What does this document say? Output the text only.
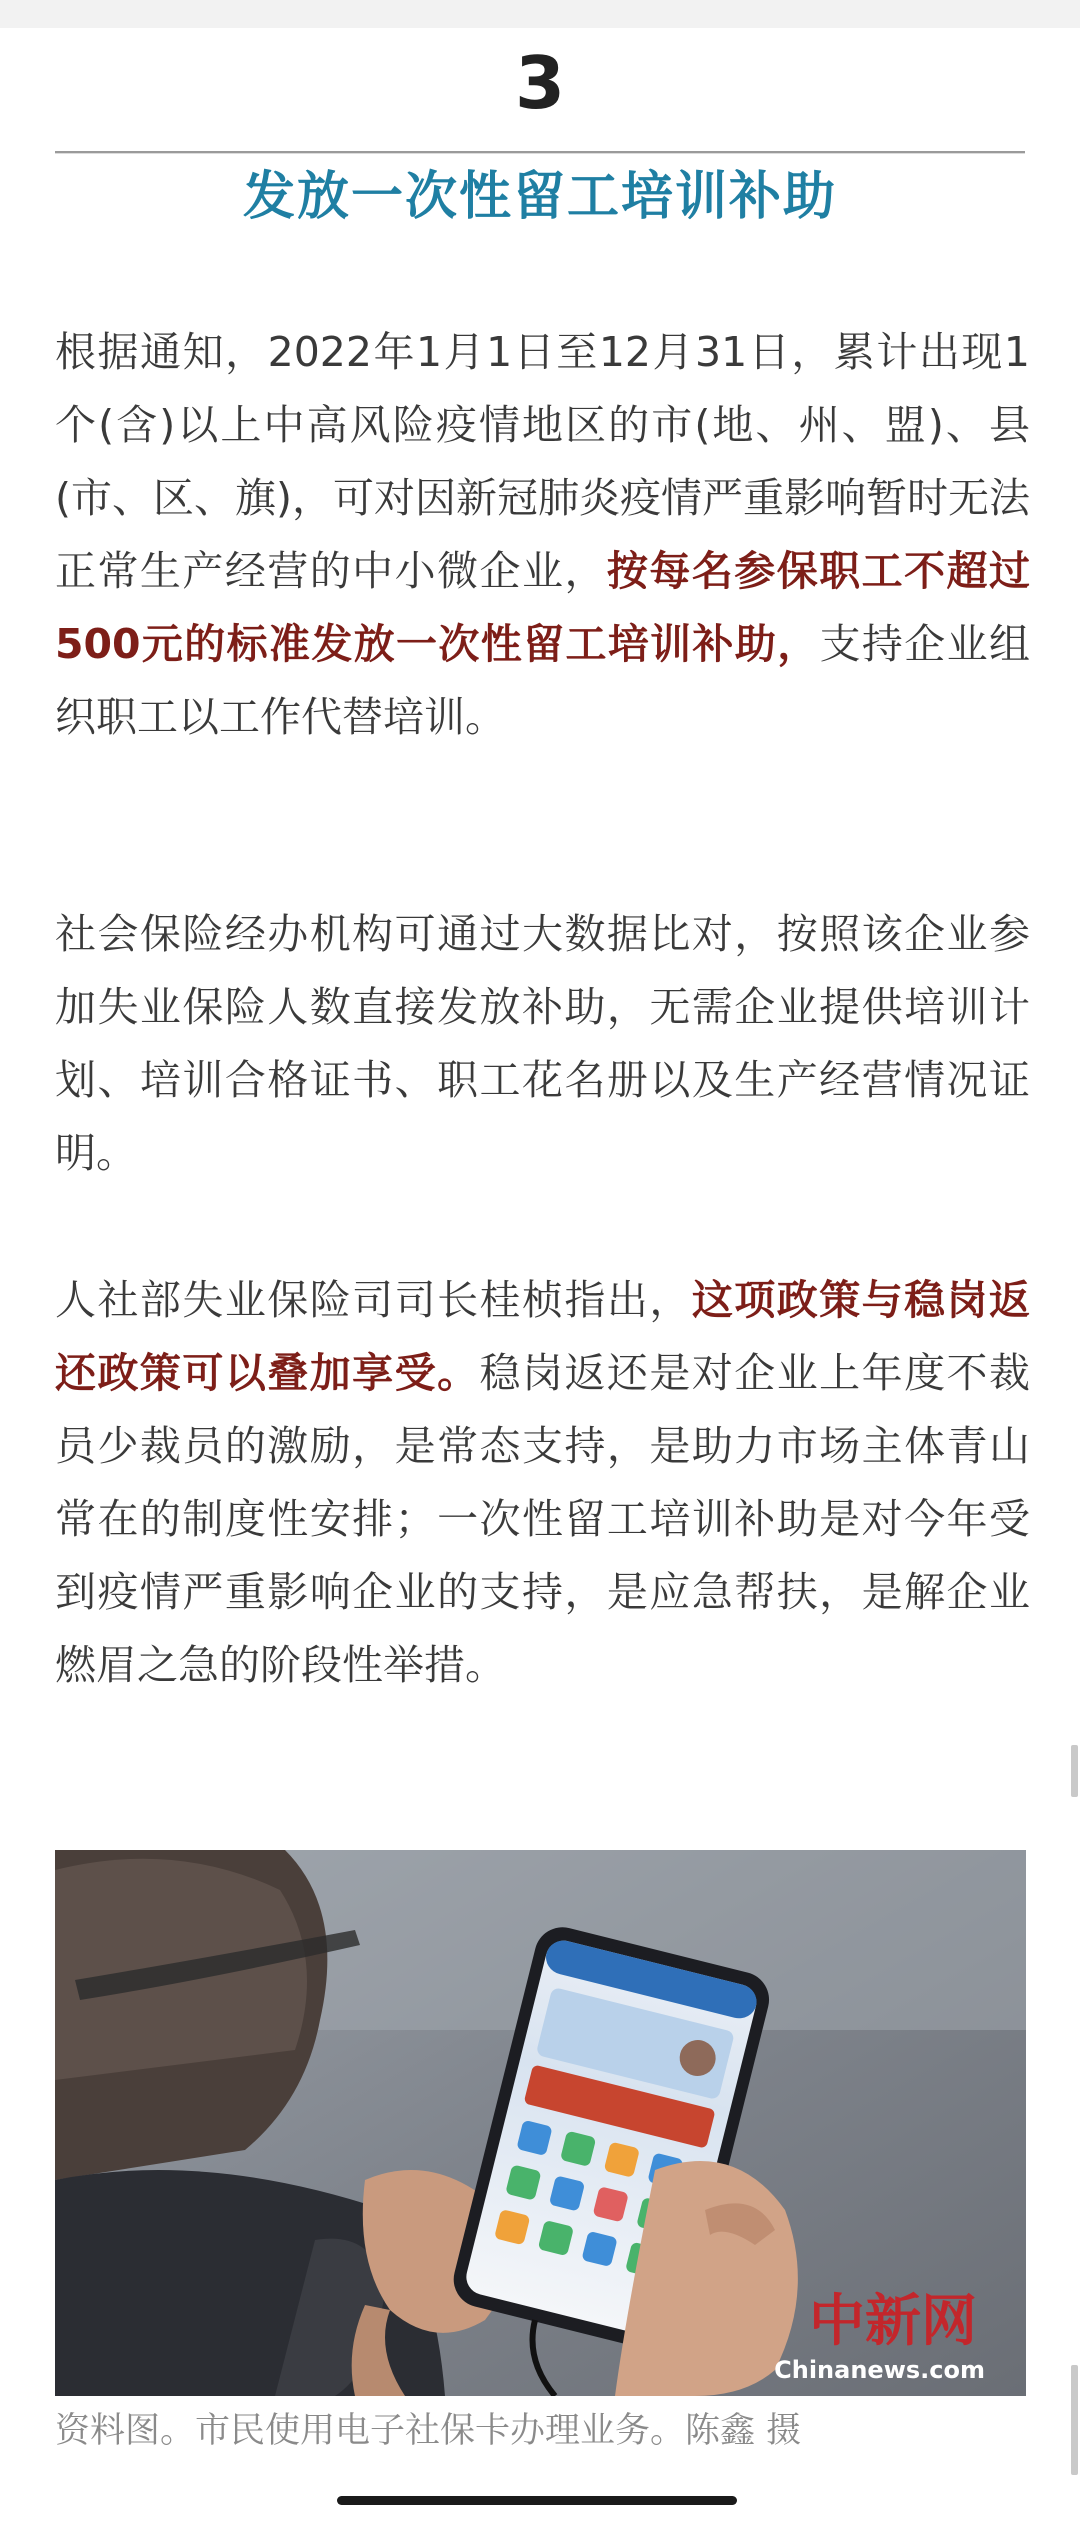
3
发放一次性留工培训补助

根据通知，2022年1月1日至12月31日，累计出现1个(含)以上中高风险疫情地区的市(地、州、盟)、县(市、区、旗)，可对因新冠肺炎疫情严重影响暂时无法正常生产经营的中小微企业，按每名参保职工不超过500元的标准发放一次性留工培训补助，支持企业组织职工以工作代替培训。

社会保险经办机构可通过大数据比对，按照该企业参加失业保险人数直接发放补助，无需企业提供培训计划、培训合格证书、职工花名册以及生产经营情况证明。

人社部失业保险司司长桂桢指出，这项政策与稳岗返还政策可以叠加享受。稳岗返还是对企业上年度不裁员少裁员的激励，是常态支持，是助力市场主体青山常在的制度性安排；一次性留工培训补助是对今年受到疫情严重影响企业的支持，是应急帮扶，是解企业燃眉之急的阶段性举措。

中新网
Chinanews.com
资料图。市民使用电子社保卡办理业务。陈鑫 摄
